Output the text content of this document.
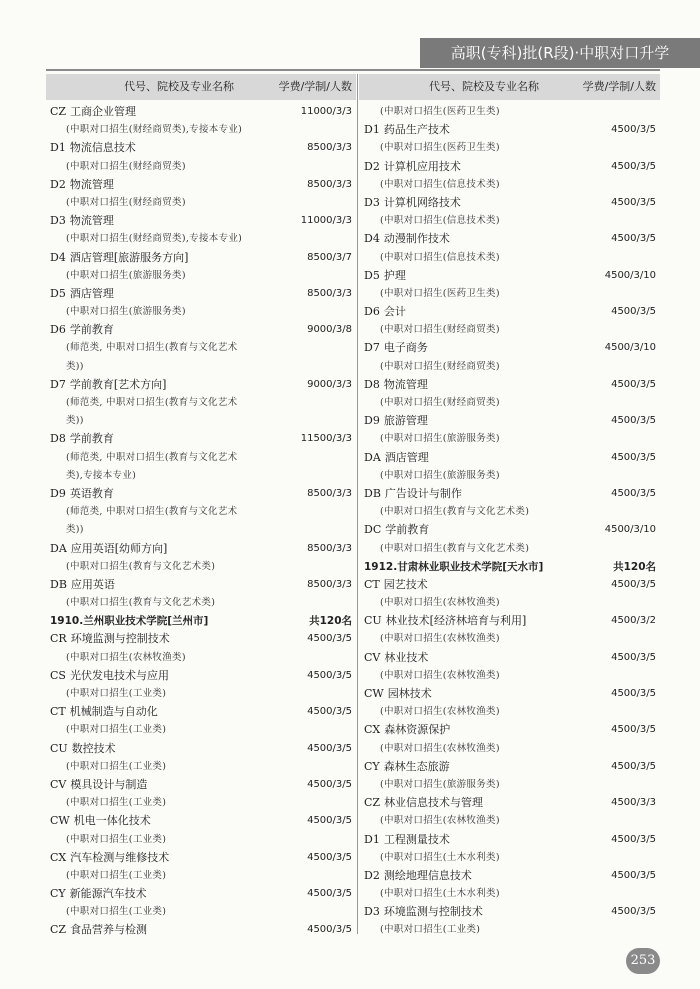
高职(专科)批(R段)·中职对口升学
代号、院校及专业名称	学费/学制/人数	代号、院校及专业名称	学费/学制/人数
CZ 工商企业管理	11000/3/3
(中职对口招生(财经商贸类),专接本专业)
D1 物流信息技术	8500/3/3
(中职对口招生(财经商贸类)
D2 物流管理	8500/3/3
(中职对口招生(财经商贸类)
D3 物流管理	11000/3/3
(中职对口招生(财经商贸类),专接本专业)
D4 酒店管理[旅游服务方向]	8500/3/7
(中职对口招生(旅游服务类)
D5 酒店管理	8500/3/3
(中职对口招生(旅游服务类)
D6 学前教育	9000/3/8
(师范类, 中职对口招生(教育与文化艺术
类))
D7 学前教育[艺术方向]	9000/3/3
(师范类, 中职对口招生(教育与文化艺术
类))
D8 学前教育	11500/3/3
(师范类, 中职对口招生(教育与文化艺术
类),专接本专业)
D9 英语教育	8500/3/3
(师范类, 中职对口招生(教育与文化艺术
类))
DA 应用英语[幼师方向]	8500/3/3
(中职对口招生(教育与文化艺术类)
DB 应用英语	8500/3/3
(中职对口招生(教育与文化艺术类)
1910.兰州职业技术学院[兰州市]	共120名
CR 环境监测与控制技术	4500/3/5
(中职对口招生(农林牧渔类)
CS 光伏发电技术与应用	4500/3/5
(中职对口招生(工业类)
CT 机械制造与自动化	4500/3/5
(中职对口招生(工业类)
CU 数控技术	4500/3/5
(中职对口招生(工业类)
CV 模具设计与制造	4500/3/5
(中职对口招生(工业类)
CW 机电一体化技术	4500/3/5
(中职对口招生(工业类)
CX 汽车检测与维修技术	4500/3/5
(中职对口招生(工业类)
CY 新能源汽车技术	4500/3/5
(中职对口招生(工业类)
CZ 食品营养与检测	4500/3/5
(中职对口招生(医药卫生类)
D1 药品生产技术	4500/3/5
(中职对口招生(医药卫生类)
D2 计算机应用技术	4500/3/5
(中职对口招生(信息技术类)
D3 计算机网络技术	4500/3/5
(中职对口招生(信息技术类)
D4 动漫制作技术	4500/3/5
(中职对口招生(信息技术类)
D5 护理	4500/3/10
(中职对口招生(医药卫生类)
D6 会计	4500/3/5
(中职对口招生(财经商贸类)
D7 电子商务	4500/3/10
(中职对口招生(财经商贸类)
D8 物流管理	4500/3/5
(中职对口招生(财经商贸类)
D9 旅游管理	4500/3/5
(中职对口招生(旅游服务类)
DA 酒店管理	4500/3/5
(中职对口招生(旅游服务类)
DB 广告设计与制作	4500/3/5
(中职对口招生(教育与文化艺术类)
DC 学前教育	4500/3/10
(中职对口招生(教育与文化艺术类)
1912.甘肃林业职业技术学院[天水市]	共120名
CT 园艺技术	4500/3/5
(中职对口招生(农林牧渔类)
CU 林业技术[经济林培育与利用]	4500/3/2
(中职对口招生(农林牧渔类)
CV 林业技术	4500/3/5
(中职对口招生(农林牧渔类)
CW 园林技术	4500/3/5
(中职对口招生(农林牧渔类)
CX 森林资源保护	4500/3/5
(中职对口招生(农林牧渔类)
CY 森林生态旅游	4500/3/5
(中职对口招生(旅游服务类)
CZ 林业信息技术与管理	4500/3/3
(中职对口招生(农林牧渔类)
D1 工程测量技术	4500/3/5
(中职对口招生(土木水利类)
D2 测绘地理信息技术	4500/3/5
(中职对口招生(土木水利类)
D3 环境监测与控制技术	4500/3/5
(中职对口招生(工业类)
253
